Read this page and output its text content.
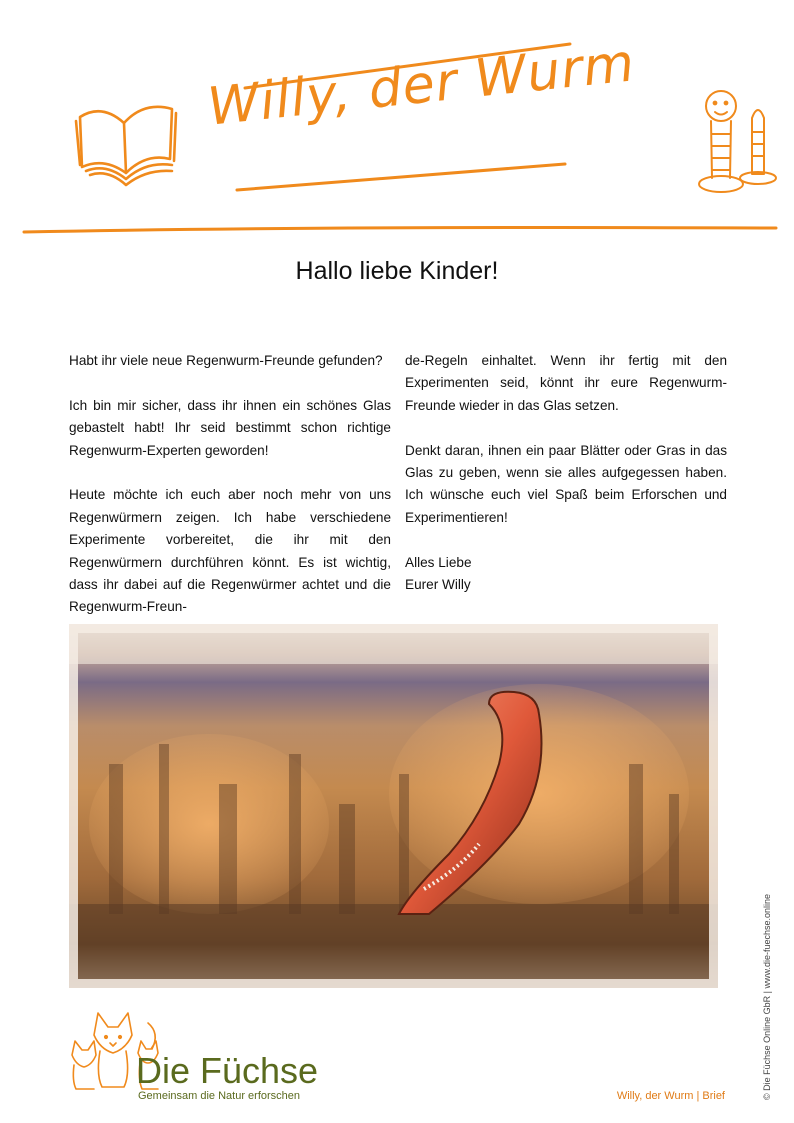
Willy, der Wurm
Hallo liebe Kinder!

Habt ihr viele neue Regenwurm-Freunde gefunden?

Ich bin mir sicher, dass ihr ihnen ein schönes Glas gebastelt habt! Ihr seid bestimmt schon richtige Regenwurm-Experten geworden!

Heute möchte ich euch aber noch mehr von uns Regenwürmern zeigen. Ich habe verschiedene Experimente vorbereitet, die ihr mit den Regenwürmern durchführen könnt. Es ist wichtig, dass ihr dabei auf die Regenwürmer achtet und die Regenwurm-Freun-

de-Regeln einhaltet. Wenn ihr fertig mit den Experimenten seid, könnt ihr eure Regenwurm-Freunde wieder in das Glas setzen.

Denkt daran, ihnen ein paar Blätter oder Gras in das Glas zu geben, wenn sie alles aufgegessen haben. Ich wünsche euch viel Spaß beim Erforschen und Experimentieren!

Alles Liebe
Eurer Willy
Die Füchse
Gemeinsam die Natur erforschen	Willy, der Wurm | Brief	© Die Füchse Online GbR | www.die-fuechse.online
